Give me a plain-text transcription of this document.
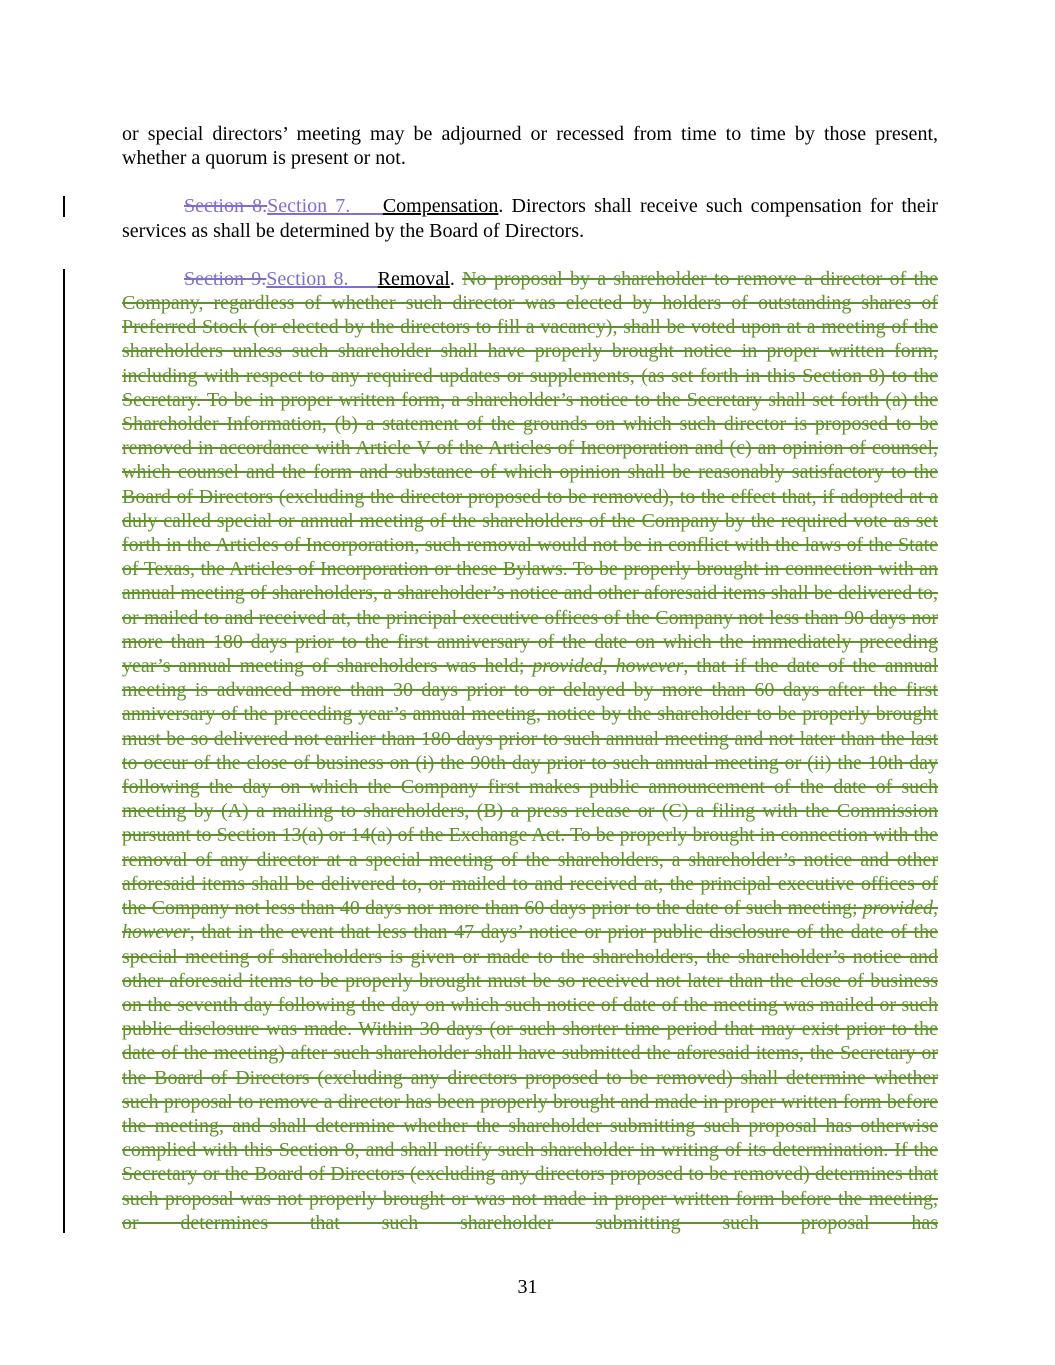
or special directors’ meeting may be adjourned or recessed from time to time by those present, whether a quorum is present or not.

Section 8.Section 7. Compensation. Directors shall receive such compensation for their services as shall be determined by the Board of Directors.

Section 9.Section 8. Removal. No proposal by a shareholder to remove a director of the Company, regardless of whether such director was elected by holders of outstanding shares of Preferred Stock (or elected by the directors to fill a vacancy), shall be voted upon at a meeting of the shareholders unless such shareholder shall have properly brought notice in proper written form, including with respect to any required updates or supplements, (as set forth in this Section 8) to the Secretary. To be in proper written form, a shareholder’s notice to the Secretary shall set forth (a) the Shareholder Information, (b) a statement of the grounds on which such director is proposed to be removed in accordance with Article V of the Articles of Incorporation and (c) an opinion of counsel, which counsel and the form and substance of which opinion shall be reasonably satisfactory to the Board of Directors (excluding the director proposed to be removed), to the effect that, if adopted at a duly called special or annual meeting of the shareholders of the Company by the required vote as set forth in the Articles of Incorporation, such removal would not be in conflict with the laws of the State of Texas, the Articles of Incorporation or these Bylaws. To be properly brought in connection with an annual meeting of shareholders, a shareholder’s notice and other aforesaid items shall be delivered to, or mailed to and received at, the principal executive offices of the Company not less than 90 days nor more than 180 days prior to the first anniversary of the date on which the immediately preceding year’s annual meeting of shareholders was held; provided, however, that if the date of the annual meeting is advanced more than 30 days prior to or delayed by more than 60 days after the first anniversary of the preceding year’s annual meeting, notice by the shareholder to be properly brought must be so delivered not earlier than 180 days prior to such annual meeting and not later than the last to occur of the close of business on (i) the 90th day prior to such annual meeting or (ii) the 10th day following the day on which the Company first makes public announcement of the date of such meeting by (A) a mailing to shareholders, (B) a press release or (C) a filing with the Commission pursuant to Section 13(a) or 14(a) of the Exchange Act. To be properly brought in connection with the removal of any director at a special meeting of the shareholders, a shareholder’s notice and other aforesaid items shall be delivered to, or mailed to and received at, the principal executive offices of the Company not less than 40 days nor more than 60 days prior to the date of such meeting; provided, however, that in the event that less than 47 days’ notice or prior public disclosure of the date of the special meeting of shareholders is given or made to the shareholders, the shareholder’s notice and other aforesaid items to be properly brought must be so received not later than the close of business on the seventh day following the day on which such notice of date of the meeting was mailed or such public disclosure was made. Within 30 days (or such shorter time period that may exist prior to the date of the meeting) after such shareholder shall have submitted the aforesaid items, the Secretary or the Board of Directors (excluding any directors proposed to be removed) shall determine whether such proposal to remove a director has been properly brought and made in proper written form before the meeting, and shall determine whether the shareholder submitting such proposal has otherwise complied with this Section 8, and shall notify such shareholder in writing of its determination. If the Secretary or the Board of Directors (excluding any directors proposed to be removed) determines that such proposal was not properly brought or was not made in proper written form before the meeting, or determines that such shareholder submitting such proposal has

31
